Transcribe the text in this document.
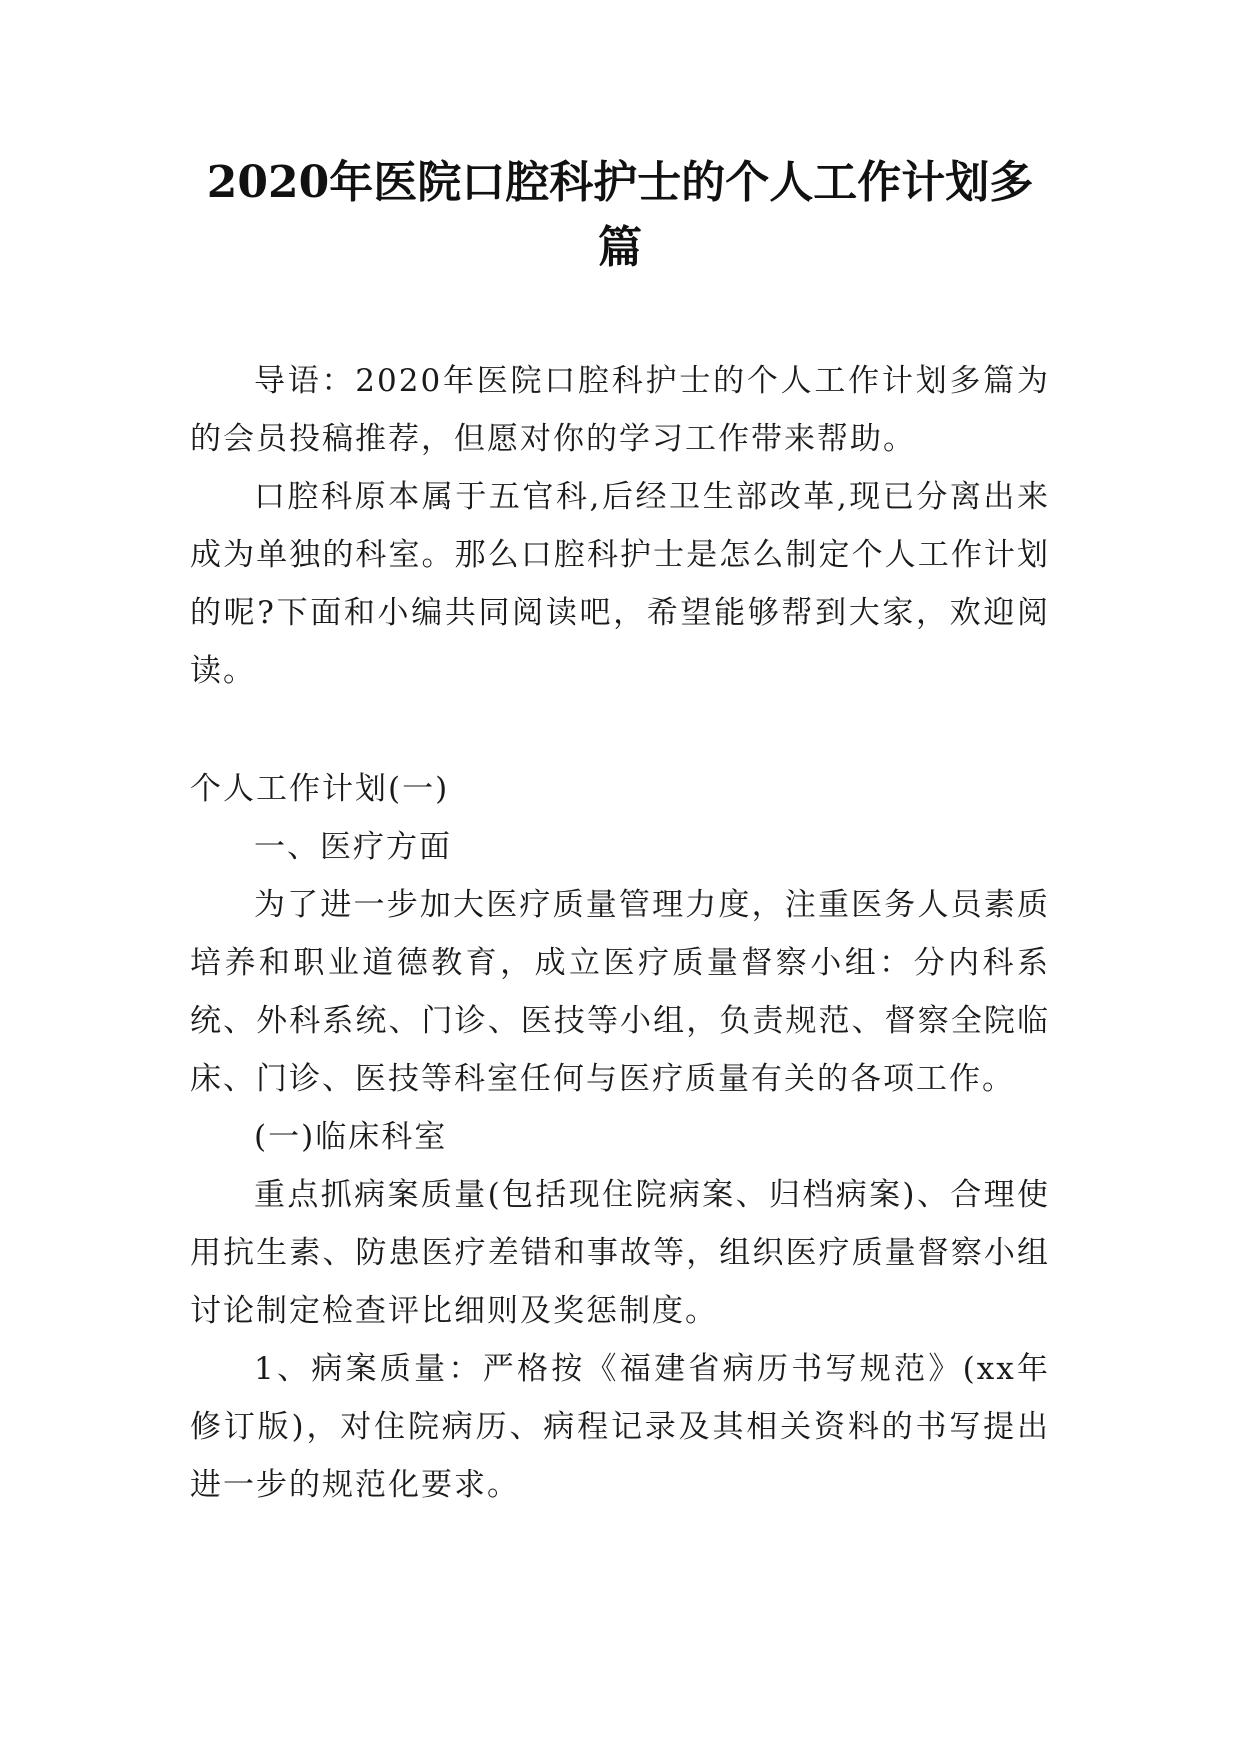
2020年医院口腔科护士的个人工作计划多篇

导语：2020年医院口腔科护士的个人工作计划多篇为的会员投稿推荐，但愿对你的学习工作带来帮助。

口腔科原本属于五官科,后经卫生部改革,现已分离出来成为单独的科室。那么口腔科护士是怎么制定个人工作计划的呢?下面和小编共同阅读吧，希望能够帮到大家，欢迎阅读。

个人工作计划(一)

一、医疗方面

为了进一步加大医疗质量管理力度，注重医务人员素质培养和职业道德教育，成立医疗质量督察小组：分内科系统、外科系统、门诊、医技等小组，负责规范、督察全院临床、门诊、医技等科室任何与医疗质量有关的各项工作。

(一)临床科室

重点抓病案质量(包括现住院病案、归档病案)、合理使用抗生素、防患医疗差错和事故等，组织医疗质量督察小组讨论制定检查评比细则及奖惩制度。

1、病案质量：严格按《福建省病历书写规范》(xx年修订版)，对住院病历、病程记录及其相关资料的书写提出进一步的规范化要求。
